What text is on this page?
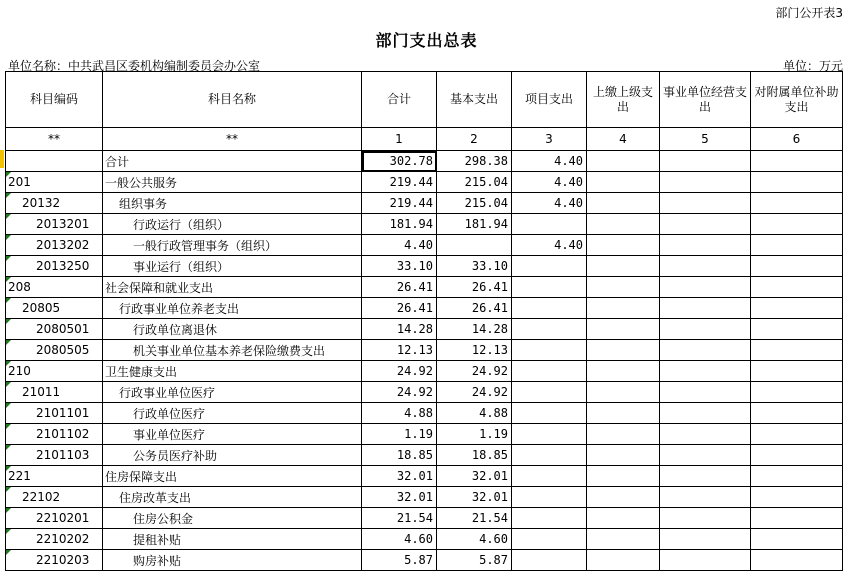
部门公开表3
部门支出总表
单位名称：中共武昌区委机构编制委员会办公室	单位：万元
科目编码	科目名称	合计	基本支出	项目支出	上缴上级支出	事业单位经营支出	对附属单位补助支出
**	**	1	2	3	4	5	6
	合计	302.78	298.38	4.40			
201	一般公共服务	219.44	215.04	4.40			
20132	组织事务	219.44	215.04	4.40			
2013201	行政运行（组织）	181.94	181.94				
2013202	一般行政管理事务（组织）	4.40		4.40			
2013250	事业运行（组织）	33.10	33.10				
208	社会保障和就业支出	26.41	26.41				
20805	行政事业单位养老支出	26.41	26.41				
2080501	行政单位离退休	14.28	14.28				
2080505	机关事业单位基本养老保险缴费支出	12.13	12.13				
210	卫生健康支出	24.92	24.92				
21011	行政事业单位医疗	24.92	24.92				
2101101	行政单位医疗	4.88	4.88				
2101102	事业单位医疗	1.19	1.19				
2101103	公务员医疗补助	18.85	18.85				
221	住房保障支出	32.01	32.01				
22102	住房改革支出	32.01	32.01				
2210201	住房公积金	21.54	21.54				
2210202	提租补贴	4.60	4.60				
2210203	购房补贴	5.87	5.87				
